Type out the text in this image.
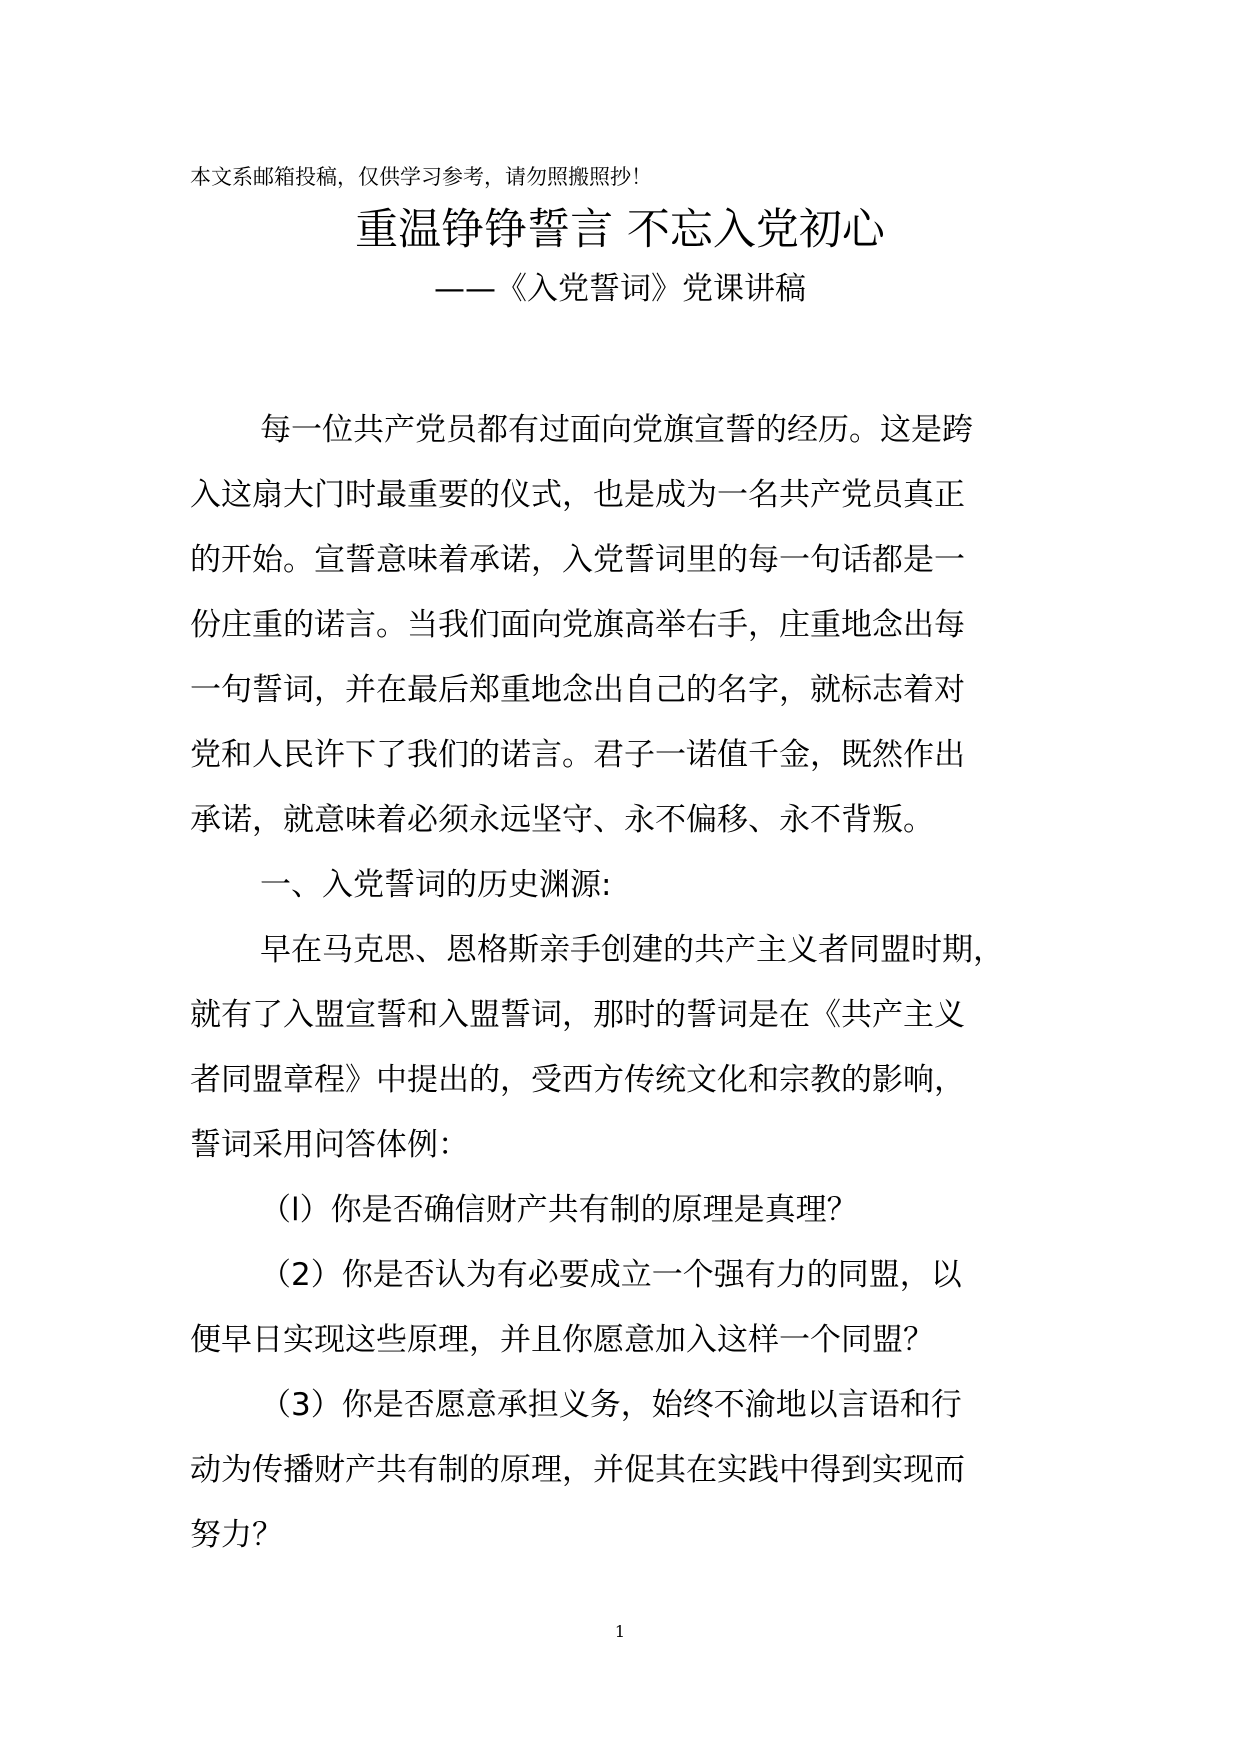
本文系邮箱投稿，仅供学习参考，请勿照搬照抄！
重温铮铮誓言 不忘入党初心
——《入党誓词》党课讲稿
每一位共产党员都有过面向党旗宣誓的经历。这是跨
入这扇大门时最重要的仪式，也是成为一名共产党员真正
的开始。宣誓意味着承诺，入党誓词里的每一句话都是一
份庄重的诺言。当我们面向党旗高举右手，庄重地念出每
一句誓词，并在最后郑重地念出自己的名字，就标志着对
党和人民许下了我们的诺言。君子一诺值千金，既然作出
承诺，就意味着必须永远坚守、永不偏移、永不背叛。
一、入党誓词的历史渊源:
早在马克思、恩格斯亲手创建的共产主义者同盟时期，
就有了入盟宣誓和入盟誓词，那时的誓词是在《共产主义
者同盟章程》中提出的，受西方传统文化和宗教的影响，
誓词采用问答体例：
（l）你是否确信财产共有制的原理是真理？
（2）你是否认为有必要成立一个强有力的同盟，以
便早日实现这些原理，并且你愿意加入这样一个同盟？
（3）你是否愿意承担义务，始终不渝地以言语和行
动为传播财产共有制的原理，并促其在实践中得到实现而
努力？
1
